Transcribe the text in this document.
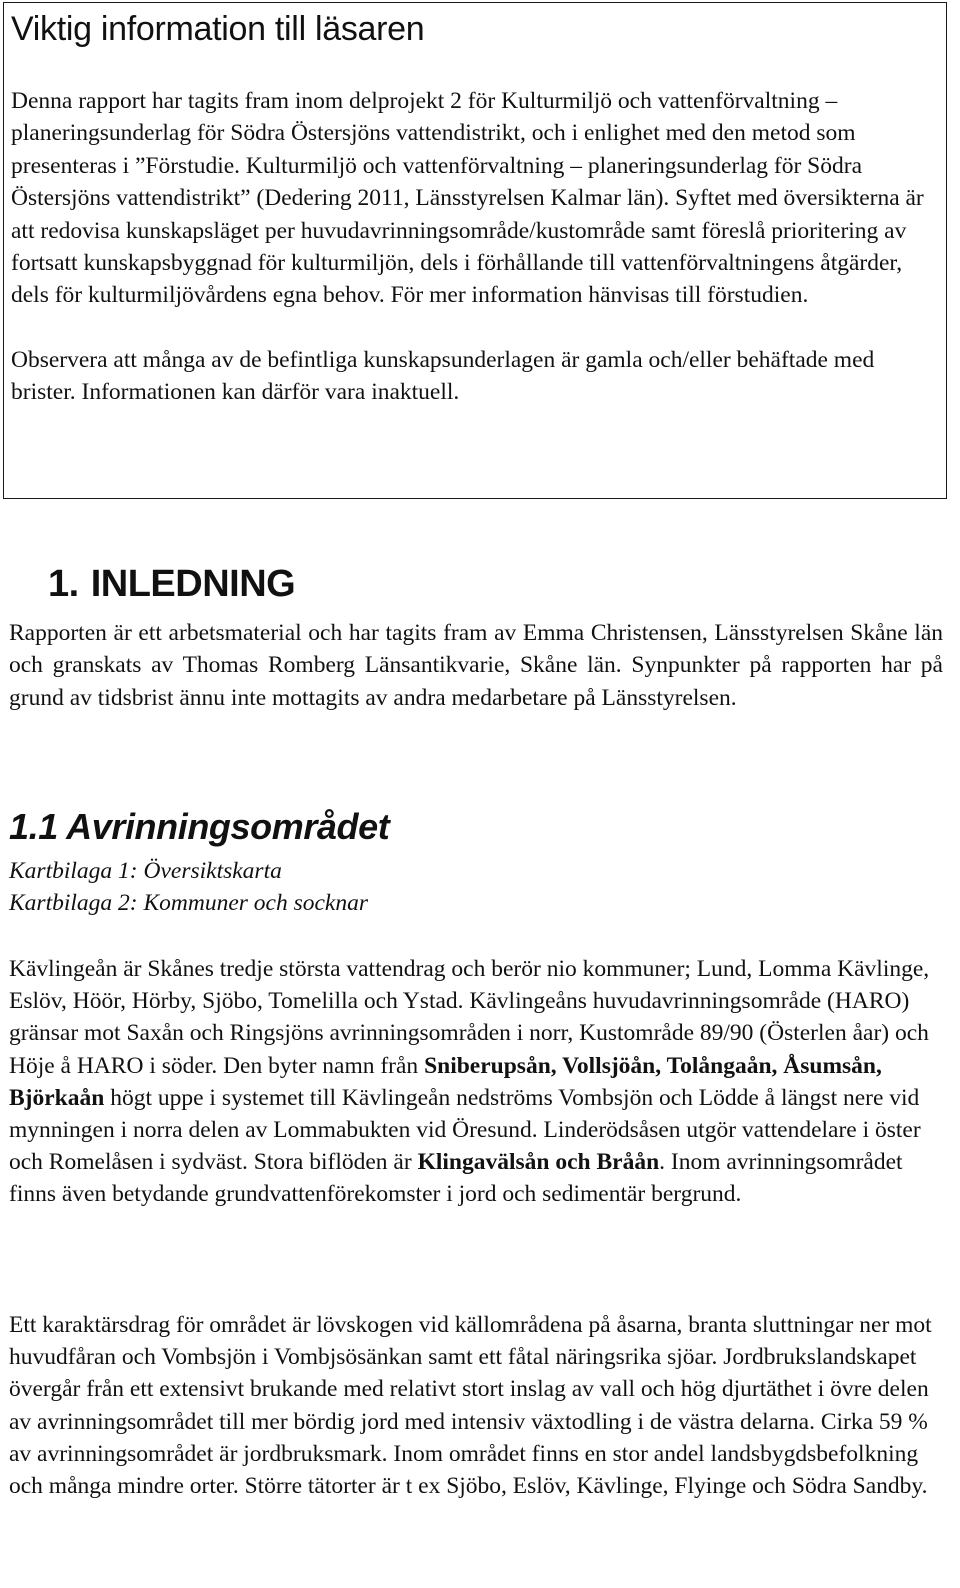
Viktig information till läsaren

Denna rapport har tagits fram inom delprojekt 2 för Kulturmiljö och vattenförvaltning – planeringsunderlag för Södra Östersjöns vattendistrikt, och i enlighet med den metod som presenteras i ”Förstudie. Kulturmiljö och vattenförvaltning – planeringsunderlag för Södra Östersjöns vattendistrikt” (Dedering 2011, Länsstyrelsen Kalmar län). Syftet med översikterna är att redovisa kunskapsläget per huvudavrinningsområde/kustområde samt föreslå prioritering av fortsatt kunskapsbyggnad för kulturmiljön, dels i förhållande till vattenförvaltningens åtgärder, dels för kulturmiljövårdens egna behov. För mer information hänvisas till förstudien.

Observera att många av de befintliga kunskapsunderlagen är gamla och/eller behäftade med brister. Informationen kan därför vara inaktuell.

1. INLEDNING

Rapporten är ett arbetsmaterial och har tagits fram av Emma Christensen, Länsstyrelsen Skåne län och granskats av Thomas Romberg Länsantikvarie, Skåne län. Synpunkter på rapporten har på grund av tidsbrist ännu inte mottagits av andra medarbetare på Länsstyrelsen.

1.1 Avrinningsområdet

Kartbilaga 1: Översiktskarta
Kartbilaga 2: Kommuner och socknar

Kävlingeån är Skånes tredje största vattendrag och berör nio kommuner; Lund, Lomma Kävlinge, Eslöv, Höör, Hörby, Sjöbo, Tomelilla och Ystad. Kävlingeåns huvudavrinningsområde (HARO) gränsar mot Saxån och Ringsjöns avrinningsområden i norr, Kustområde 89/90 (Österlen åar) och Höje å HARO i söder. Den byter namn från Sniberupsån, Vollsjöån, Tolångaån, Åsumsån, Björkaån högt uppe i systemet till Kävlingeån nedströms Vombsjön och Lödde å längst nere vid mynningen i norra delen av Lommabukten vid Öresund. Linderödsåsen utgör vattendelare i öster och Romelåsen i sydväst. Stora biflöden är Klingavälsån och Bråån. Inom avrinningsområdet finns även betydande grundvattenförekomster i jord och sedimentär bergrund.

Ett karaktärsdrag för området är lövskogen vid källområdena på åsarna, branta sluttningar ner mot huvudfåran och Vombsjön i Vombjsösänkan samt ett fåtal näringsrika sjöar. Jordbrukslandskapet övergår från ett extensivt brukande med relativt stort inslag av vall och hög djurtäthet i övre delen av avrinningsområdet till mer bördig jord med intensiv växtodling i de västra delarna. Cirka 59 % av avrinningsområdet är jordbruksmark. Inom området finns en stor andel landsbygdsbefolkning och många mindre orter. Större tätorter är t ex Sjöbo, Eslöv, Kävlinge, Flyinge och Södra Sandby.
